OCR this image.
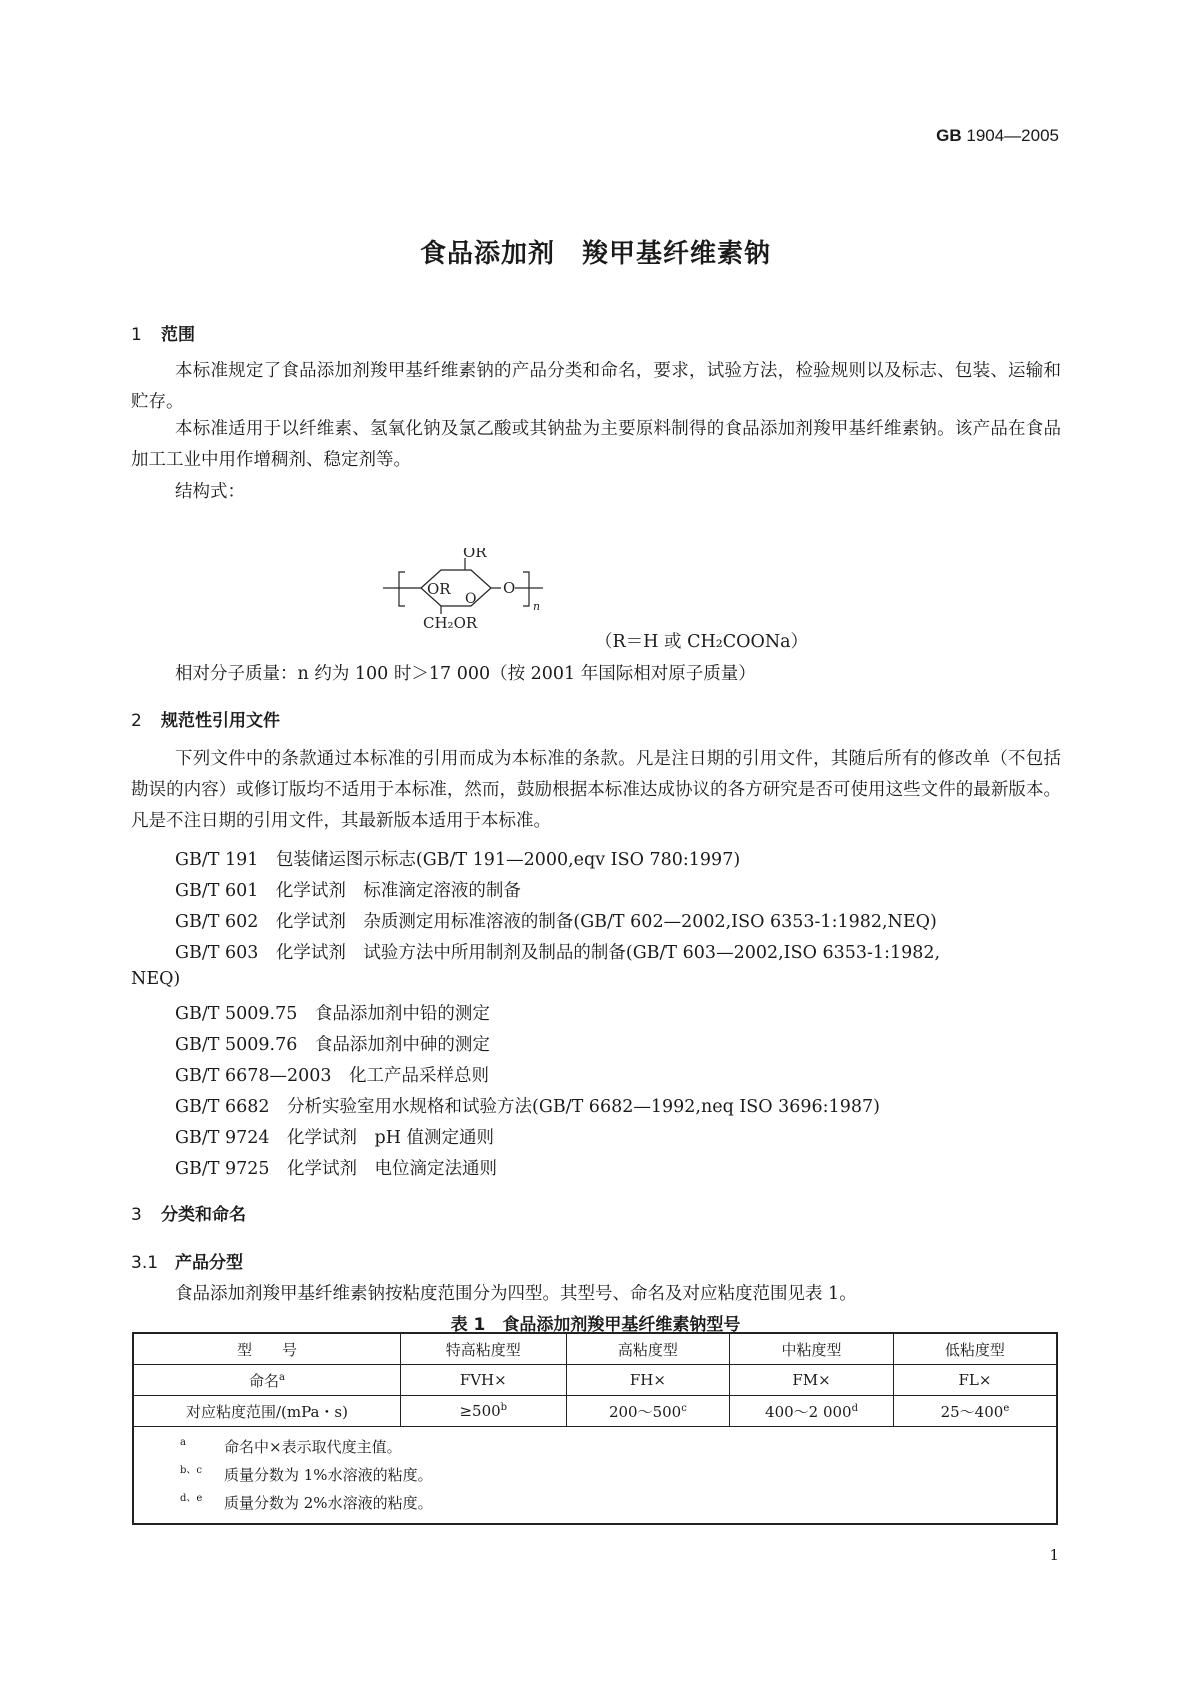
GB 1904—2005
食品添加剂　羧甲基纤维素钠
1 范围
本标准规定了食品添加剂羧甲基纤维素钠的产品分类和命名，要求，试验方法，检验规则以及标志、包装、运输和贮存。
本标准适用于以纤维素、氢氧化钠及氯乙酸或其钠盐为主要原料制得的食品添加剂羧甲基纤维素钠。该产品在食品加工工业中用作增稠剂、稳定剂等。
结构式：
OR
OR
O
O
n
CH₂OR
（R＝H 或 CH₂COONa）
相对分子质量：n 约为 100 时＞17 000（按 2001 年国际相对原子质量）
2 规范性引用文件
下列文件中的条款通过本标准的引用而成为本标准的条款。凡是注日期的引用文件，其随后所有的修改单（不包括勘误的内容）或修订版均不适用于本标准，然而，鼓励根据本标准达成协议的各方研究是否可使用这些文件的最新版本。凡是不注日期的引用文件，其最新版本适用于本标准。
GB/T 191　包装储运图示标志(GB/T 191—2000,eqv ISO 780:1997)
GB/T 601　化学试剂　标准滴定溶液的制备
GB/T 602　化学试剂　杂质测定用标准溶液的制备(GB/T 602—2002,ISO 6353-1:1982,NEQ)
GB/T 603　化学试剂　试验方法中所用制剂及制品的制备(GB/T 603—2002,ISO 6353-1:1982,
NEQ)
GB/T 5009.75　食品添加剂中铅的测定
GB/T 5009.76　食品添加剂中砷的测定
GB/T 6678—2003　化工产品采样总则
GB/T 6682　分析实验室用水规格和试验方法(GB/T 6682—1992,neq ISO 3696:1987)
GB/T 9724　化学试剂　pH 值测定通则
GB/T 9725　化学试剂　电位滴定法通则
3 分类和命名
3.1 产品分型
食品添加剂羧甲基纤维素钠按粘度范围分为四型。其型号、命名及对应粘度范围见表 1。
表 1　食品添加剂羧甲基纤维素钠型号
型　　号	特高粘度型	高粘度型	中粘度型	低粘度型
命名$^a$	FVH×	FH×	FM×	FL×
对应粘度范围/(mPa・s)	$\ge 500^b$	200～500$^c$	400～2 000$^d$	25～400e

$^a$ 命名中×表示取代度主值。
$^{b、c}$ 质量分数为 1%水溶液的粘度。
$^{d、e}$ 质量分数为 2%水溶液的粘度。				
1
